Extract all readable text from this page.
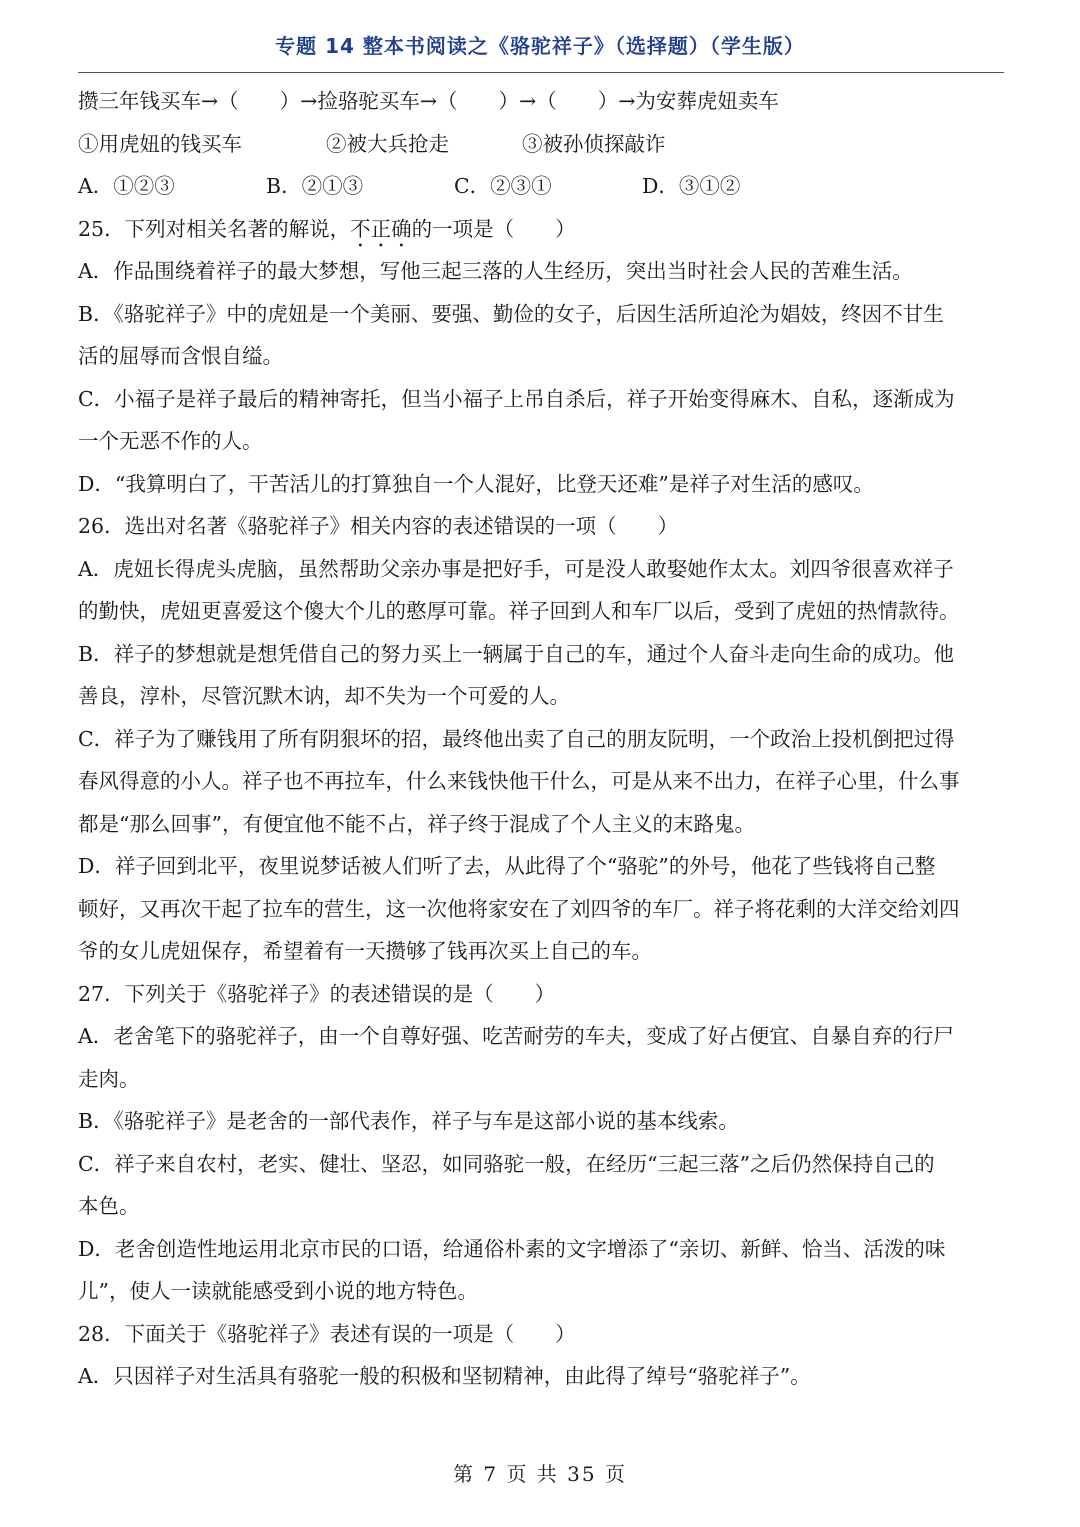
专题 14 整本书阅读之《骆驼祥子》（选择题）（学生版）
攒三年钱买车→（　　）→捡骆驼买车→（　　）→（　　）→为安葬虎妞卖车
①用虎妞的钱买车	②被大兵抢走	③被孙侦探敲诈
A．①②③	B．②①③	C．②③①	D．③①②
25．下列对相关名著的解说，不正确的一项是（　　）
A．作品围绕着祥子的最大梦想，写他三起三落的人生经历，突出当时社会人民的苦难生活。
B．《骆驼祥子》中的虎妞是一个美丽、要强、勤俭的女子，后因生活所迫沦为娼妓，终因不甘生
活的屈辱而含恨自缢。
C．小福子是祥子最后的精神寄托，但当小福子上吊自杀后，祥子开始变得麻木、自私，逐渐成为
一个无恶不作的人。
D．“我算明白了，干苦活儿的打算独自一个人混好，比登天还难”是祥子对生活的感叹。
26．选出对名著《骆驼祥子》相关内容的表述错误的一项（　　）
A．虎妞长得虎头虎脑，虽然帮助父亲办事是把好手，可是没人敢娶她作太太。刘四爷很喜欢祥子
的勤快，虎妞更喜爱这个傻大个儿的憨厚可靠。祥子回到人和车厂以后，受到了虎妞的热情款待。
B．祥子的梦想就是想凭借自己的努力买上一辆属于自己的车，通过个人奋斗走向生命的成功。他
善良，淳朴，尽管沉默木讷，却不失为一个可爱的人。
C．祥子为了赚钱用了所有阴狠坏的招，最终他出卖了自己的朋友阮明，一个政治上投机倒把过得
春风得意的小人。祥子也不再拉车，什么来钱快他干什么，可是从来不出力，在祥子心里，什么事
都是“那么回事”，有便宜他不能不占，祥子终于混成了个人主义的末路鬼。
D．祥子回到北平，夜里说梦话被人们听了去，从此得了个“骆驼”的外号，他花了些钱将自己整
顿好，又再次干起了拉车的营生，这一次他将家安在了刘四爷的车厂。祥子将花剩的大洋交给刘四
爷的女儿虎妞保存，希望着有一天攒够了钱再次买上自己的车。
27．下列关于《骆驼祥子》的表述错误的是（　　）
A．老舍笔下的骆驼祥子，由一个自尊好强、吃苦耐劳的车夫，变成了好占便宜、自暴自弃的行尸
走肉。
B．《骆驼祥子》是老舍的一部代表作，祥子与车是这部小说的基本线索。
C．祥子来自农村，老实、健壮、坚忍，如同骆驼一般，在经历“三起三落”之后仍然保持自己的
本色。
D．老舍创造性地运用北京市民的口语，给通俗朴素的文字增添了“亲切、新鲜、恰当、活泼的味
儿”，使人一读就能感受到小说的地方特色。
28．下面关于《骆驼祥子》表述有误的一项是（　　）
A．只因祥子对生活具有骆驼一般的积极和坚韧精神，由此得了绰号“骆驼祥子”。
第 7 页 共 35 页
